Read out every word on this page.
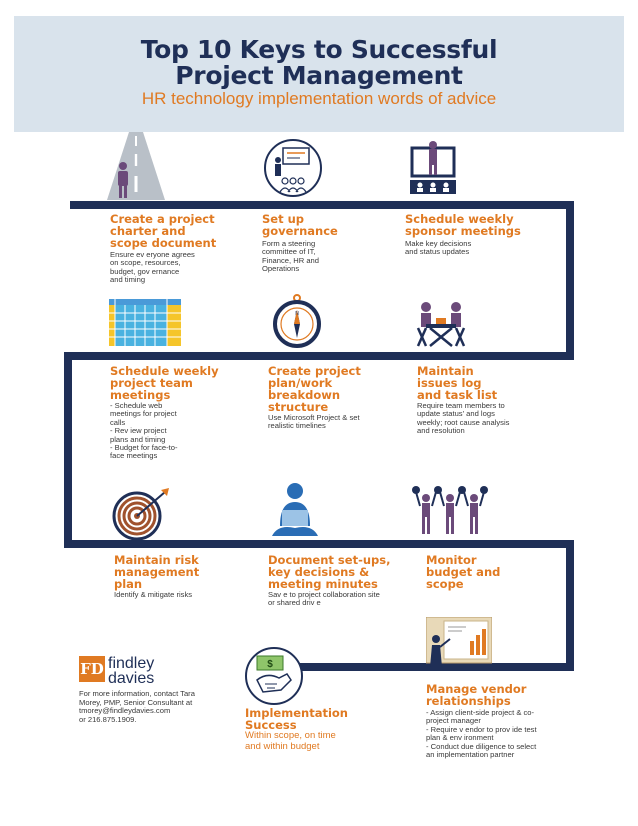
Top 10 Keys to Successful
Project Management
HR technology implementation words of advice
N
$
Create a project
charter and
scope document
Ensure ev eryone agrees
on scope, resources,
budget, gov ernance
and timing
Set up
governance
Form a steering
committee of IT,
Finance, HR and
Operations
Schedule weekly
sponsor meetings
Make key decisions
and status updates
Schedule weekly
project team
meetings
- Schedule web
meetings for project
calls
- Rev iew project
plans and timing
- Budget for face-to-
face meetings
Create project
plan/work
breakdown
structure
Use Microsoft Project & set
realistic timelines
Maintain
issues log
and task list
Require team members to
update status' and logs
weekly; root cause analysis
and resolution
Maintain risk
management
plan
Identify & mitigate risks
Document set-ups,
key decisions &
meeting minutes
Sav e to project collaboration site
or shared driv e
Monitor
budget and
scope
Manage vendor
relationships
- Assign client-side project & co-
project manager
- Require v endor to prov ide test
plan & env ironment
- Conduct due diligence to select
an implementation partner
Implementation
Success
Within scope, on time
and within budget
FD findley
davies
For more information, contact Tara
Morey, PMP, Senior Consultant at
tmorey@findleydavies.com
or 216.875.1909.
